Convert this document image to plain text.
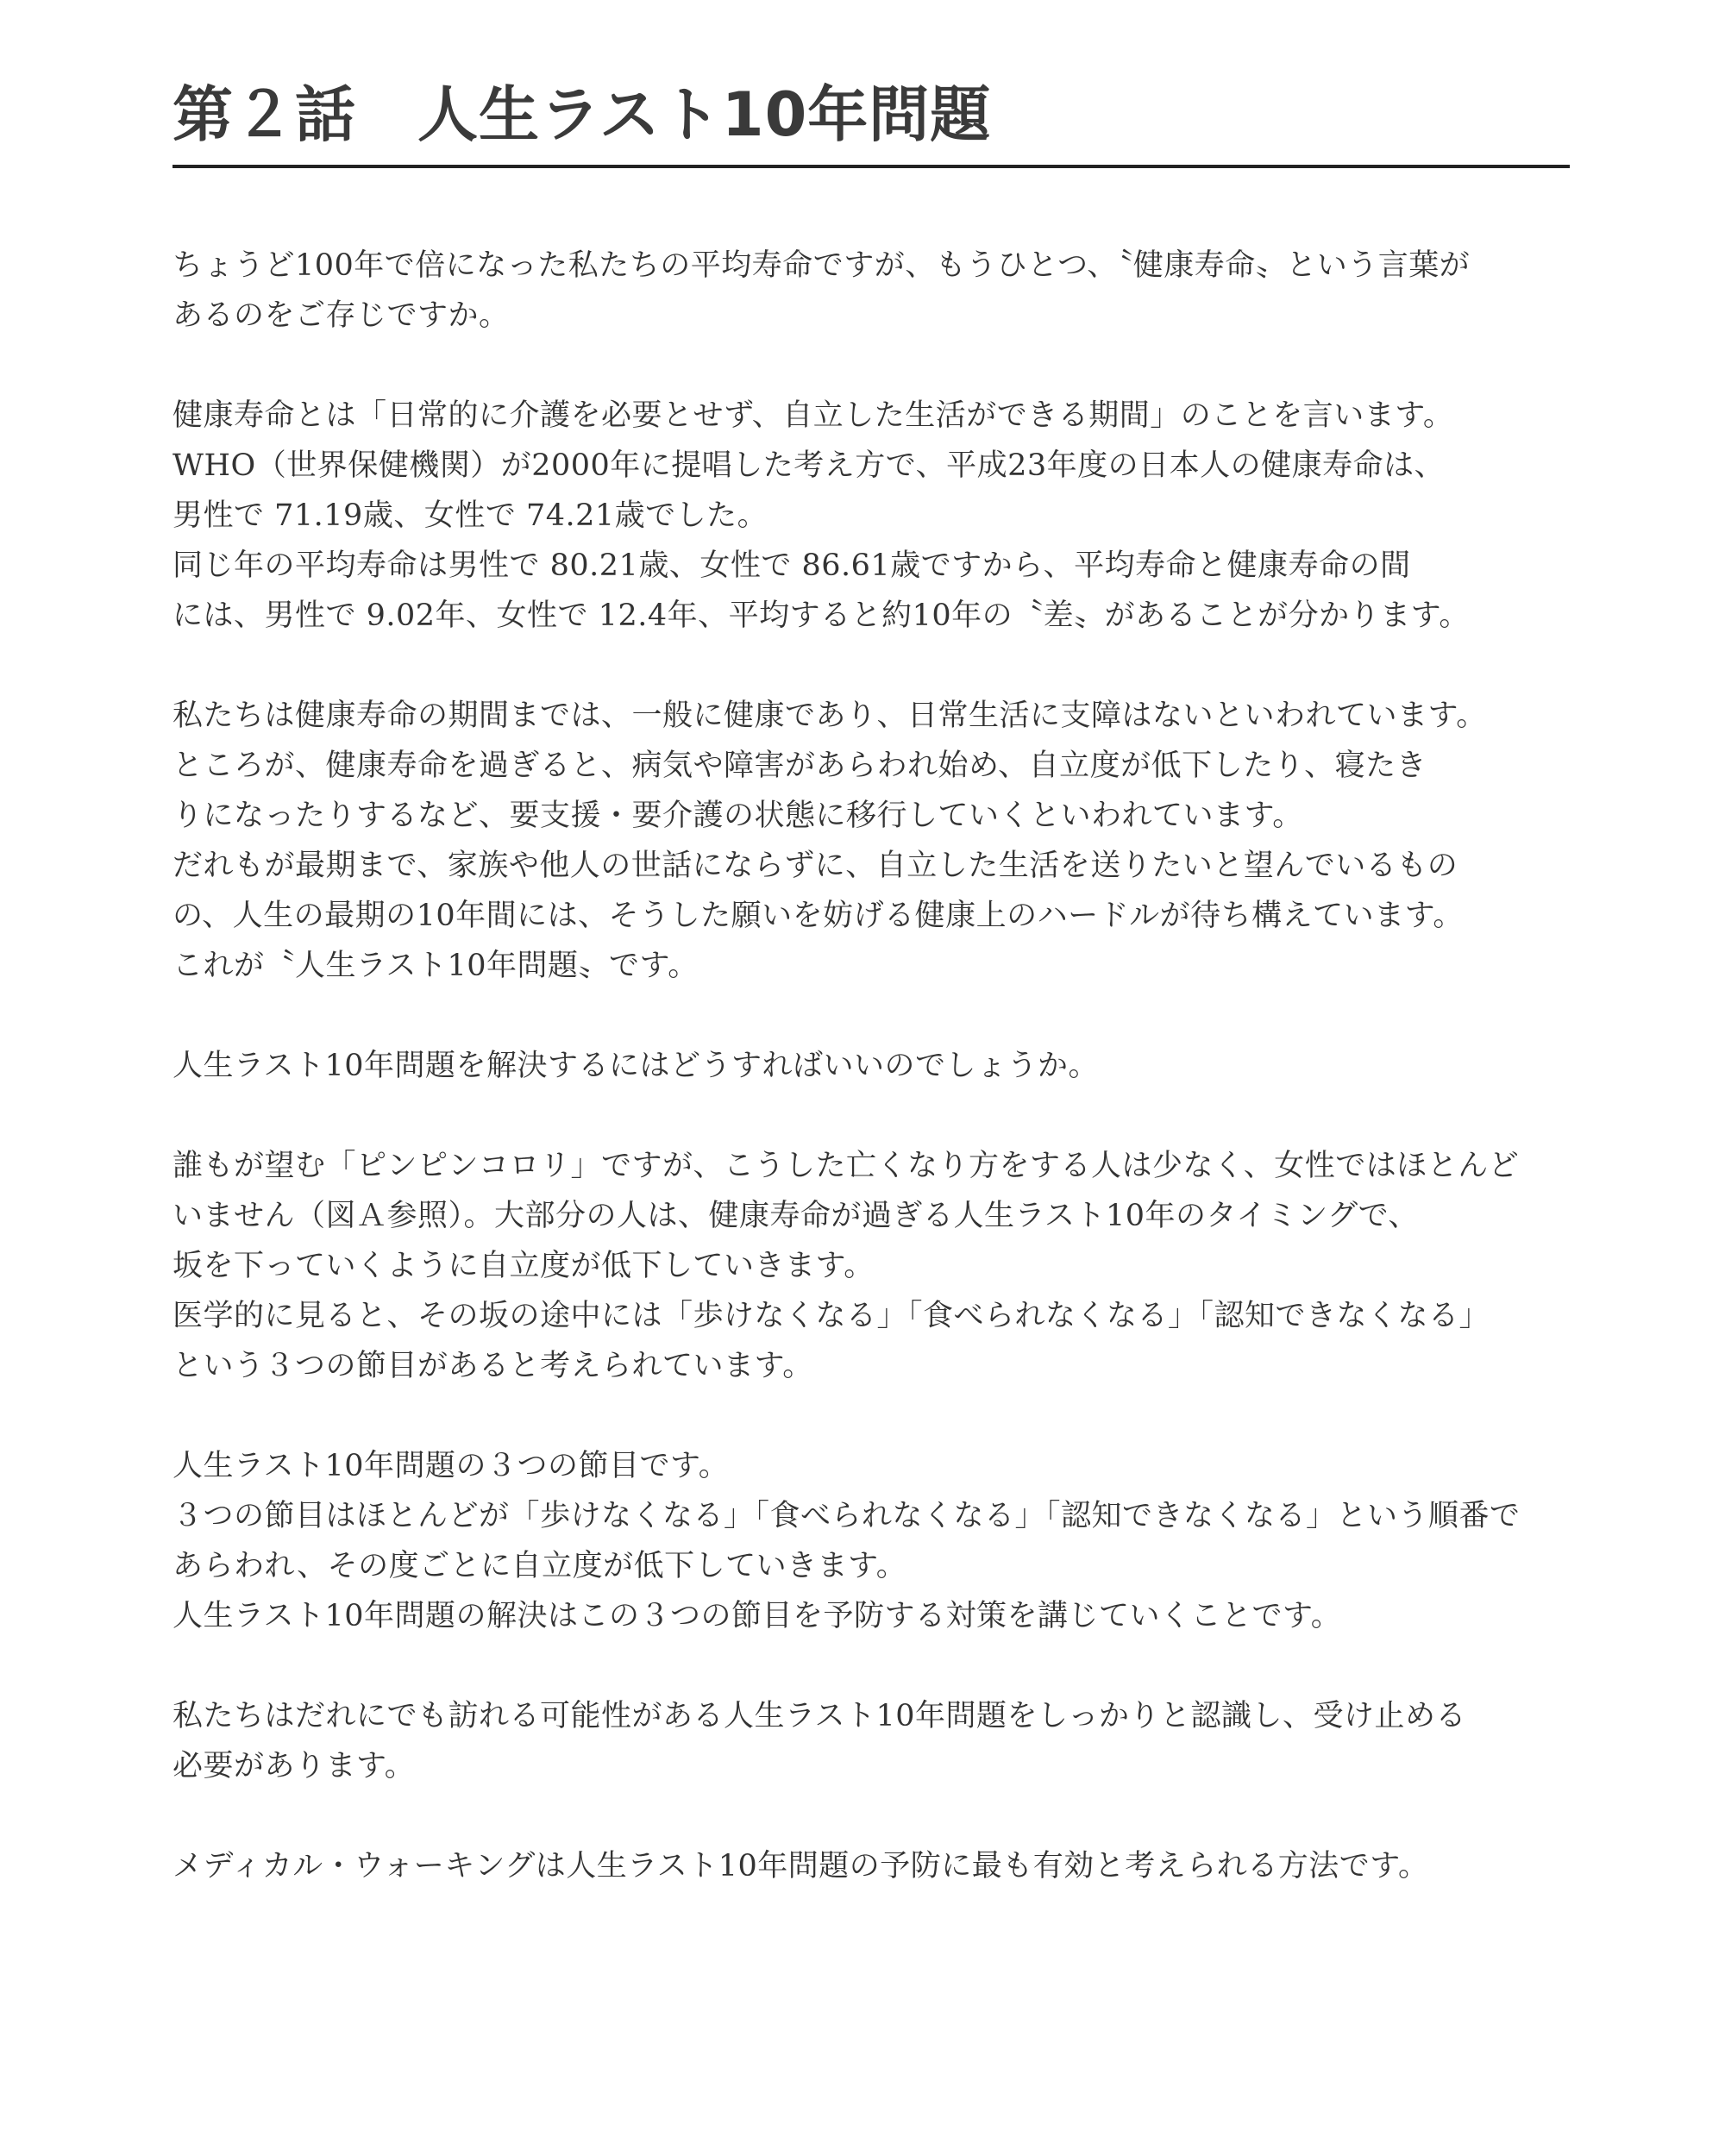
第２話　人生ラスト10年問題

ちょうど100年で倍になった私たちの平均寿命ですが、もうひとつ、〝健康寿命〟という言葉が
あるのをご存じですか。

健康寿命とは「日常的に介護を必要とせず、自立した生活ができる期間」のことを言います。
WHO（世界保健機関）が2000年に提唱した考え方で、平成23年度の日本人の健康寿命は、
男性で 71.19歳、女性で 74.21歳でした。
同じ年の平均寿命は男性で 80.21歳、女性で 86.61歳ですから、平均寿命と健康寿命の間
には、男性で 9.02年、女性で 12.4年、平均すると約10年の〝差〟があることが分かります。

私たちは健康寿命の期間までは、一般に健康であり、日常生活に支障はないといわれています。
ところが、健康寿命を過ぎると、病気や障害があらわれ始め、自立度が低下したり、寝たき
りになったりするなど、要支援・要介護の状態に移行していくといわれています。
だれもが最期まで、家族や他人の世話にならずに、自立した生活を送りたいと望んでいるもの
の、人生の最期の10年間には、そうした願いを妨げる健康上のハードルが待ち構えています。
これが〝人生ラスト10年問題〟です。

人生ラスト10年問題を解決するにはどうすればいいのでしょうか。

誰もが望む「ピンピンコロリ」ですが、こうした亡くなり方をする人は少なく、女性ではほとんど
いません（図Ａ参照）。大部分の人は、健康寿命が過ぎる人生ラスト10年のタイミングで、
坂を下っていくように自立度が低下していきます。
医学的に見ると、その坂の途中には「歩けなくなる」「食べられなくなる」「認知できなくなる」
という３つの節目があると考えられています。

人生ラスト10年問題の３つの節目です。
３つの節目はほとんどが「歩けなくなる」「食べられなくなる」「認知できなくなる」という順番で
あらわれ、その度ごとに自立度が低下していきます。
人生ラスト10年問題の解決はこの３つの節目を予防する対策を講じていくことです。

私たちはだれにでも訪れる可能性がある人生ラスト10年問題をしっかりと認識し、受け止める
必要があります。

メディカル・ウォーキングは人生ラスト10年問題の予防に最も有効と考えられる方法です。
